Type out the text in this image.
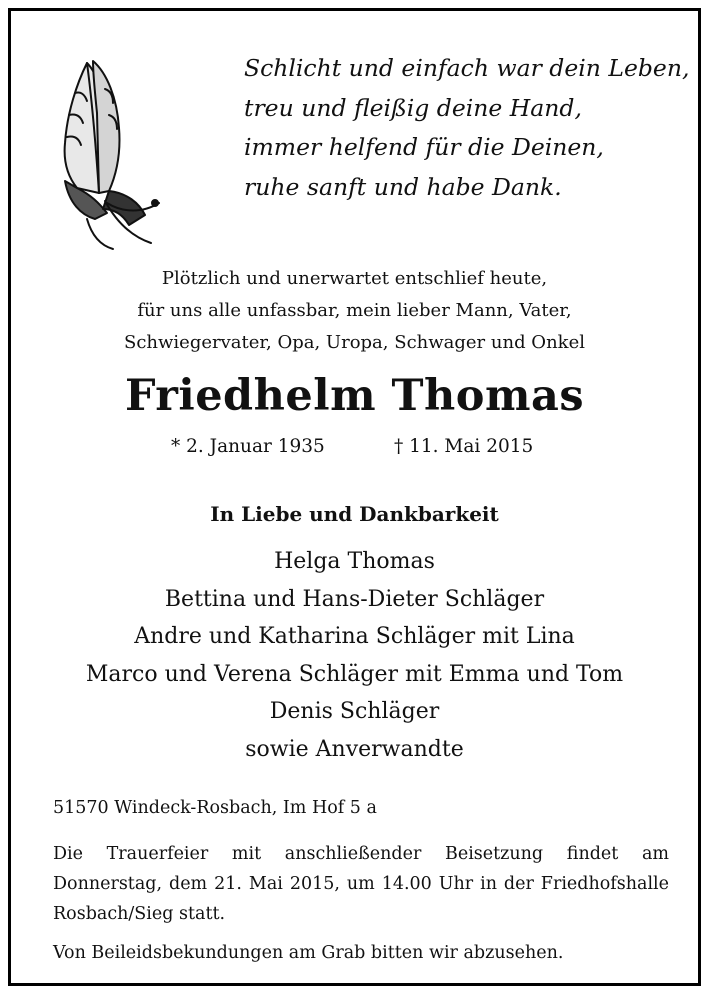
Schlicht und einfach war dein Leben,
treu und fleißig deine Hand,
immer helfend für die Deinen,
ruhe sanft und habe Dank.
Plötzlich und unerwartet entschlief heute,
für uns alle unfassbar, mein lieber Mann, Vater,
Schwiegervater, Opa, Uropa, Schwager und Onkel
Friedhelm Thomas
* 2. Januar 1935	† 11. Mai 2015
In Liebe und Dankbarkeit
Helga Thomas
Bettina und Hans-Dieter Schläger
Andre und Katharina Schläger mit Lina
Marco und Verena Schläger mit Emma und Tom
Denis Schläger
sowie Anverwandte
51570 Windeck-Rosbach, Im Hof 5 a
Die Trauerfeier mit anschließender Beisetzung findet am Donnerstag, dem 21. Mai 2015, um 14.00 Uhr in der Friedhofshalle Rosbach/Sieg statt.
Von Beileidsbekundungen am Grab bitten wir abzusehen.
